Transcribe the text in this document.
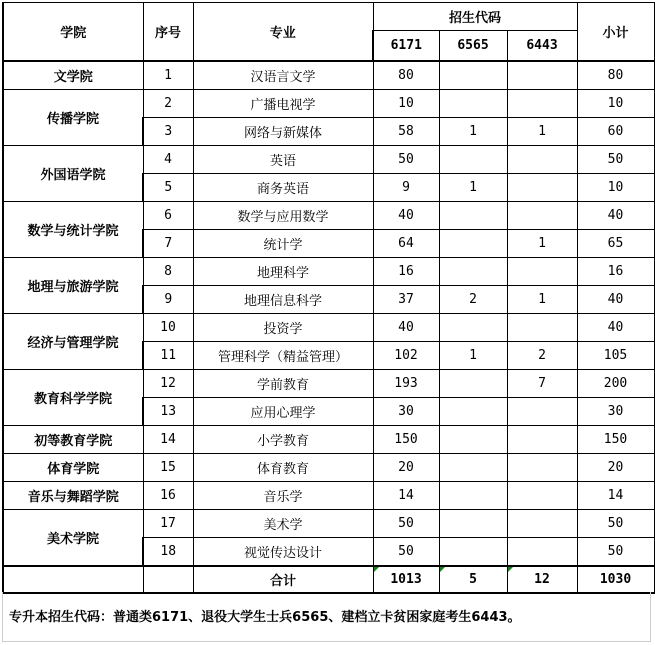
学院	序号	专业	招生代码			小计
			6171	6565	6443	
文学院	1	汉语言文学	80			80
传播学院	2	广播电视学	10			10
	3	网络与新媒体	58	1	1	60
外国语学院	4	英语	50			50
	5	商务英语	9	1		10
数学与统计学院	6	数学与应用数学	40			40
	7	统计学	64		1	65
地理与旅游学院	8	地理科学	16			16
	9	地理信息科学	37	2	1	40
经济与管理学院	10	投资学	40			40
	11	管理科学（精益管理）	102	1	2	105
教育科学学院	12	学前教育	193		7	200
	13	应用心理学	30			30
初等教育学院	14	小学教育	150			150
体育学院	15	体育教育	20			20
音乐与舞蹈学院	16	音乐学	14			14
美术学院	17	美术学	50			50
	18	视觉传达设计	50			50
		合计	1013	5	12	1030
专升本招生代码：普通类6171、退役大学生士兵6565、建档立卡贫困家庭考生6443。
